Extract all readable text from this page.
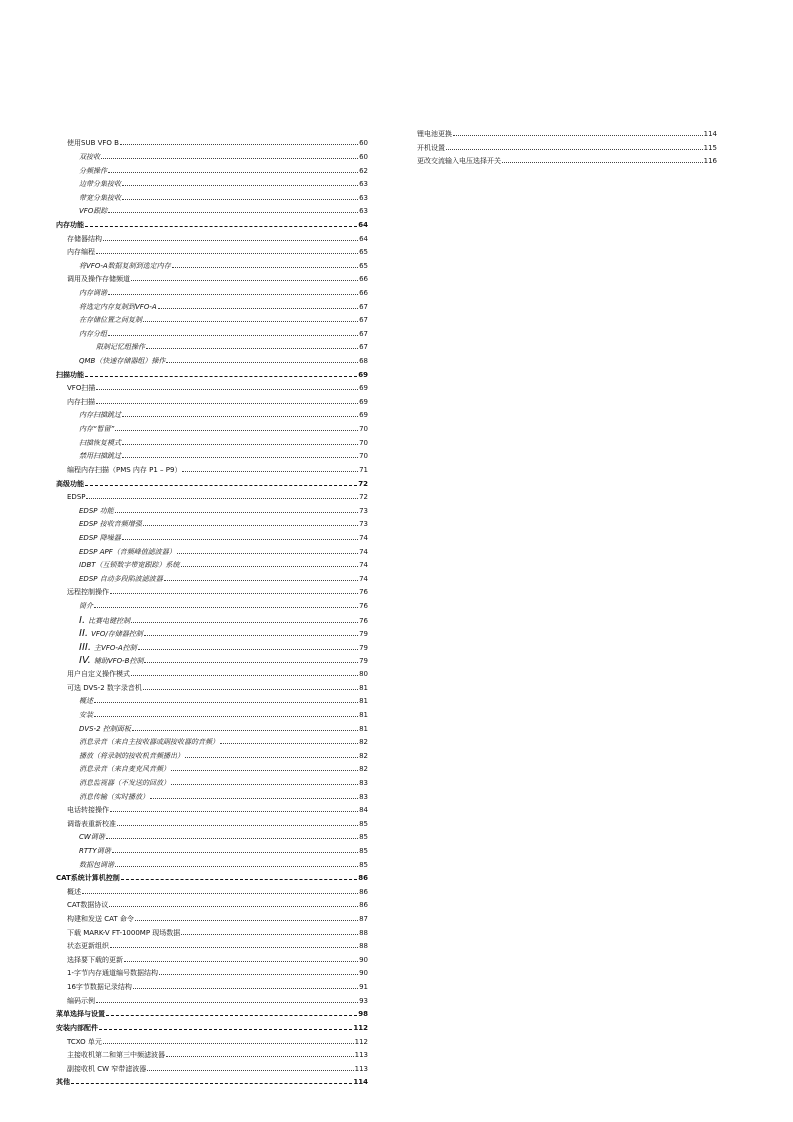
使用SUB VFO B	60
双接收	60
分频操作	62
边带分集接收	63
带宽分集接收	63
VFO跟踪	63
内存功能	64
存储器结构	64
内存编程	65
将VFO-A数据复制到选定内存	65
调用及操作存储频道	66
内存调谐	66
将选定内存复制到VFO-A	67
在存储位置之间复制	67
内存分组	67
限制记忆组操作	67
QMB（快速存储器组）操作	68
扫描功能	69
VFO扫描	69
内存扫描	69
内存扫描跳过	69
内存“暂留”	70
扫描恢复模式	70
禁用扫描跳过	70
编程内存扫描（PMS 内存 P1 – P9）	71
高级功能	72
EDSP	72
EDSP 功能	73
EDSP 接收音频增强	73
EDSP 降噪器	74
EDSP APF（音频峰值滤波器）	74
IDBT（互锁数字带宽跟踪）系统	74
EDSP 自动多段陷波滤波器	74
远程控制操作	76
简介	76
I. 比赛电键控制	76
II. VFO/存储器控制	79
III. 主VFO-A控制	79
IV. 辅助VFO-B控制	79
用户自定义操作模式	80
可选 DVS-2 数字录音机	81
概述	81
安装	81
DVS-2 控制面板	81
消息录音（来自主接收器或副接收器的音频）	82
播放（将录制的接收机音频播出）	82
消息录音（来自麦克风音频）	82
消息监视器（不发送的回放）	83
消息传输（实时播放）	83
电话转接操作	84
调谐表重新校准	85
CW调谐	85
RTTY调谐	85
数据包调谐	85
CAT系统计算机控制	86
概述	86
CAT数据协议	86
构建和发送 CAT 命令	87
下载 MARK-V FT-1000MP 现场数据	88
状态更新组织	88
选择要下载的更新	90
1-字节内存通道编号数据结构	90
16字节数据记录结构	91
编码示例	93
菜单选择与设置	98
安装内部配件	112
TCXO 单元	112
主接收机第二和第三中频滤波器	113
副接收机 CW 窄带滤波器	113
其他	114
锂电池更换	114
开机设置	115
更改交流输入电压选择开关	116
